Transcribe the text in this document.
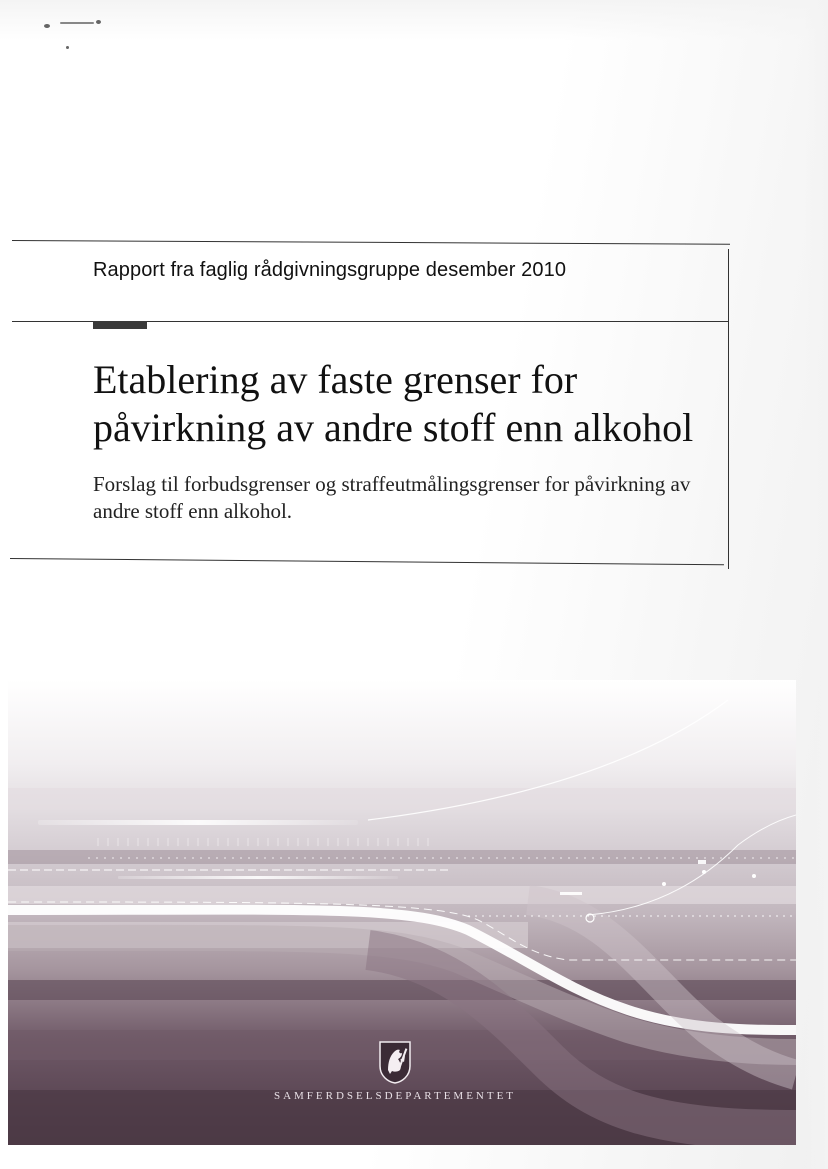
Rapport fra faglig rådgivningsgruppe desember 2010
Etablering av faste grenser for påvirkning av andre stoff enn alkohol

Forslag til forbudsgrenser og straffeutmålingsgrenser for påvirkning av andre stoff enn alkohol.

SAMFERDSELSDEPARTEMENTET
